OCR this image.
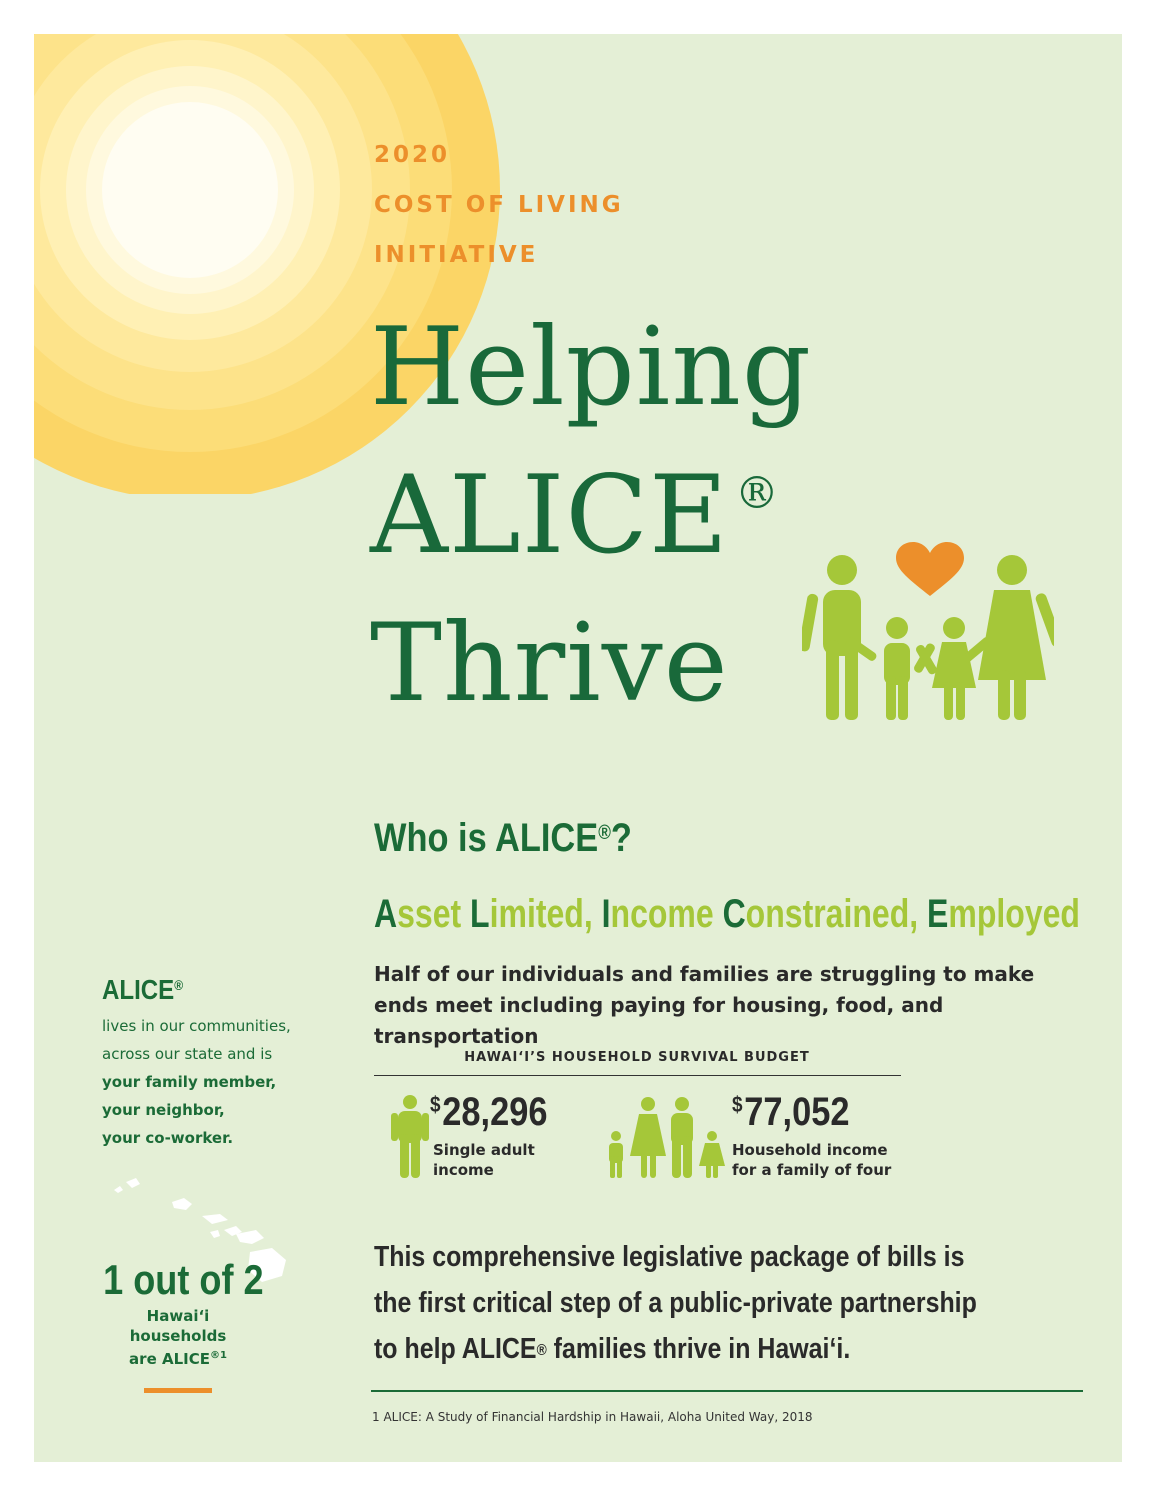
2020
COST OF LIVING
INITIATIVE
Helping
ALICE ®
Thrive
Who is ALICE®?
Asset Limited, Income Constrained, Employed
Half of our individuals and families are struggling to make ends meet including paying for housing, food, and transportation
HAWAI‘I’S HOUSEHOLD SURVIVAL BUDGET
$28,296
Single adult
income
$77,052
Household income
for a family of four
This comprehensive legislative package of bills is
the first critical step of a public-private partnership
to help ALICE® families thrive in Hawai‘i.
1 ALICE: A Study of Financial Hardship in Hawaii, Aloha United Way, 2018
ALICE®
lives in our communities,
across our state and is
your family member,
your neighbor,
your co-worker.
1 out of 2
Hawai‘i
households
are $ALICE^{®1}$
